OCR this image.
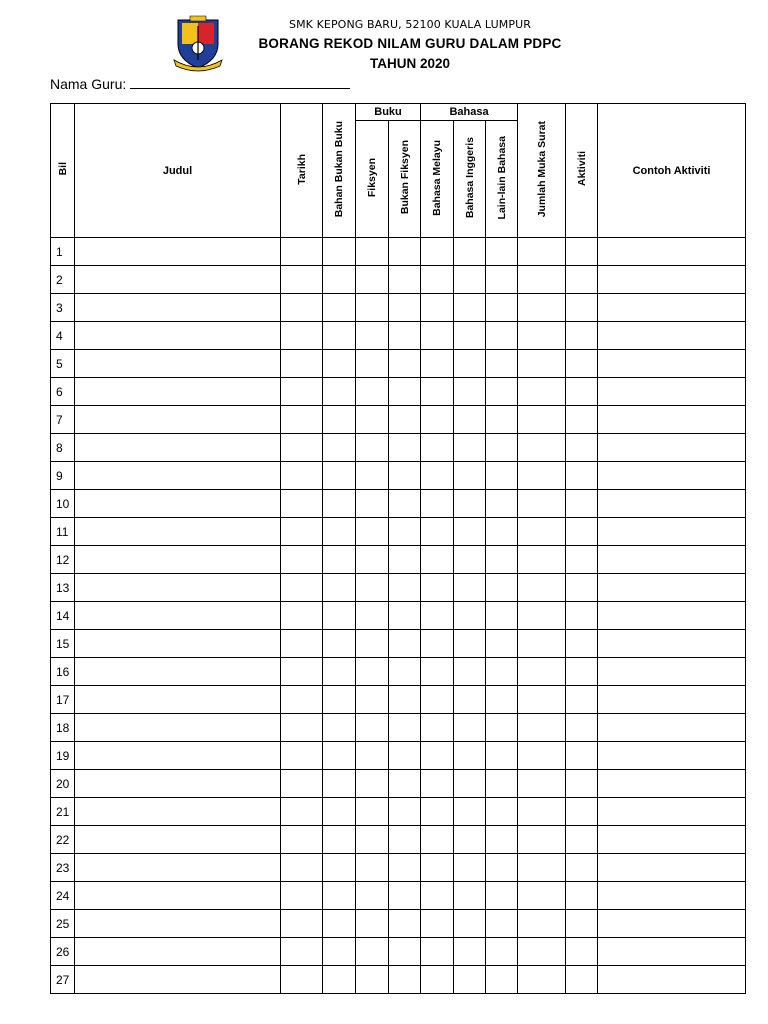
SMK KEPONG BARU, 52100 KUALA LUMPUR
BORANG REKOD NILAM GURU DALAM PDPC
TAHUN 2020
Nama Guru:
Bil	Judul	Tarikh	Bahan Bukan Buku	Buku		Bahasa			Jumlah Muka Surat	Aktiviti	Contoh Aktiviti
				Fiksyen	Bukan Fiksyen	Bahasa Melayu	Bahasa Inggeris	Lain-lain Bahasa			
1											
2											
3											
4											
5											
6											
7											
8											
9											
10											
11											
12											
13											
14											
15											
16											
17											
18											
19											
20											
21											
22											
23											
24											
25											
26											
27											
